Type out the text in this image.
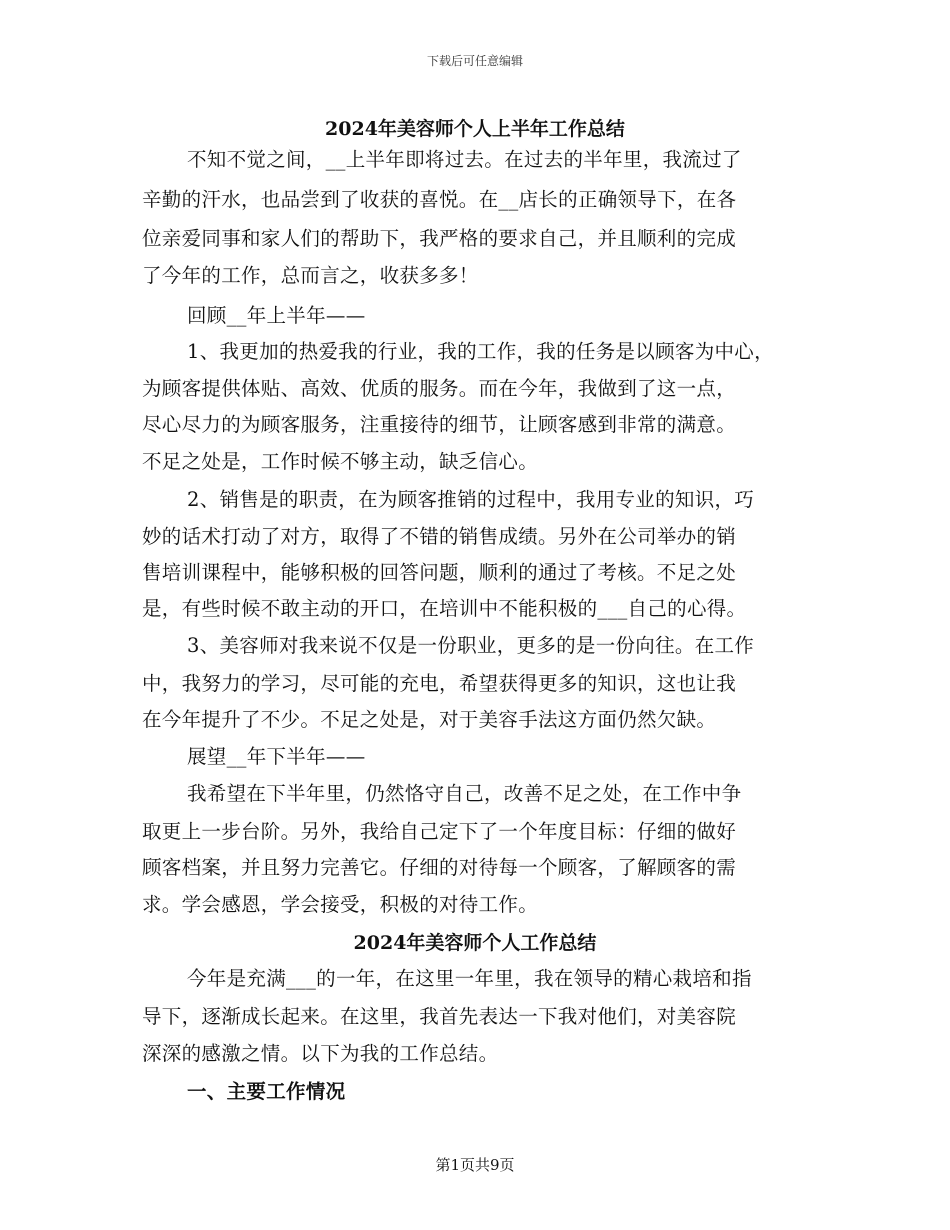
下载后可任意编辑
2024年美容师个人上半年工作总结
不知不觉之间，__上半年即将过去。在过去的半年里，我流过了
辛勤的汗水，也品尝到了收获的喜悦。在__店长的正确领导下，在各
位亲爱同事和家人们的帮助下，我严格的要求自己，并且顺利的完成
了今年的工作，总而言之，收获多多！
回顾__年上半年——
1、我更加的热爱我的行业，我的工作，我的任务是以顾客为中心，
为顾客提供体贴、高效、优质的服务。而在今年，我做到了这一点，
尽心尽力的为顾客服务，注重接待的细节，让顾客感到非常的满意。
不足之处是，工作时候不够主动，缺乏信心。
2、销售是的职责，在为顾客推销的过程中，我用专业的知识，巧
妙的话术打动了对方，取得了不错的销售成绩。另外在公司举办的销
售培训课程中，能够积极的回答问题，顺利的通过了考核。不足之处
是，有些时候不敢主动的开口，在培训中不能积极的___自己的心得。
3、美容师对我来说不仅是一份职业，更多的是一份向往。在工作
中，我努力的学习，尽可能的充电，希望获得更多的知识，这也让我
在今年提升了不少。不足之处是，对于美容手法这方面仍然欠缺。
展望__年下半年——
我希望在下半年里，仍然恪守自己，改善不足之处，在工作中争
取更上一步台阶。另外，我给自己定下了一个年度目标：仔细的做好
顾客档案，并且努力完善它。仔细的对待每一个顾客，了解顾客的需
求。学会感恩，学会接受，积极的对待工作。
2024年美容师个人工作总结
今年是充满___的一年，在这里一年里，我在领导的精心栽培和指
导下，逐渐成长起来。在这里，我首先表达一下我对他们，对美容院
深深的感激之情。以下为我的工作总结。
一、主要工作情况
第1页共9页
